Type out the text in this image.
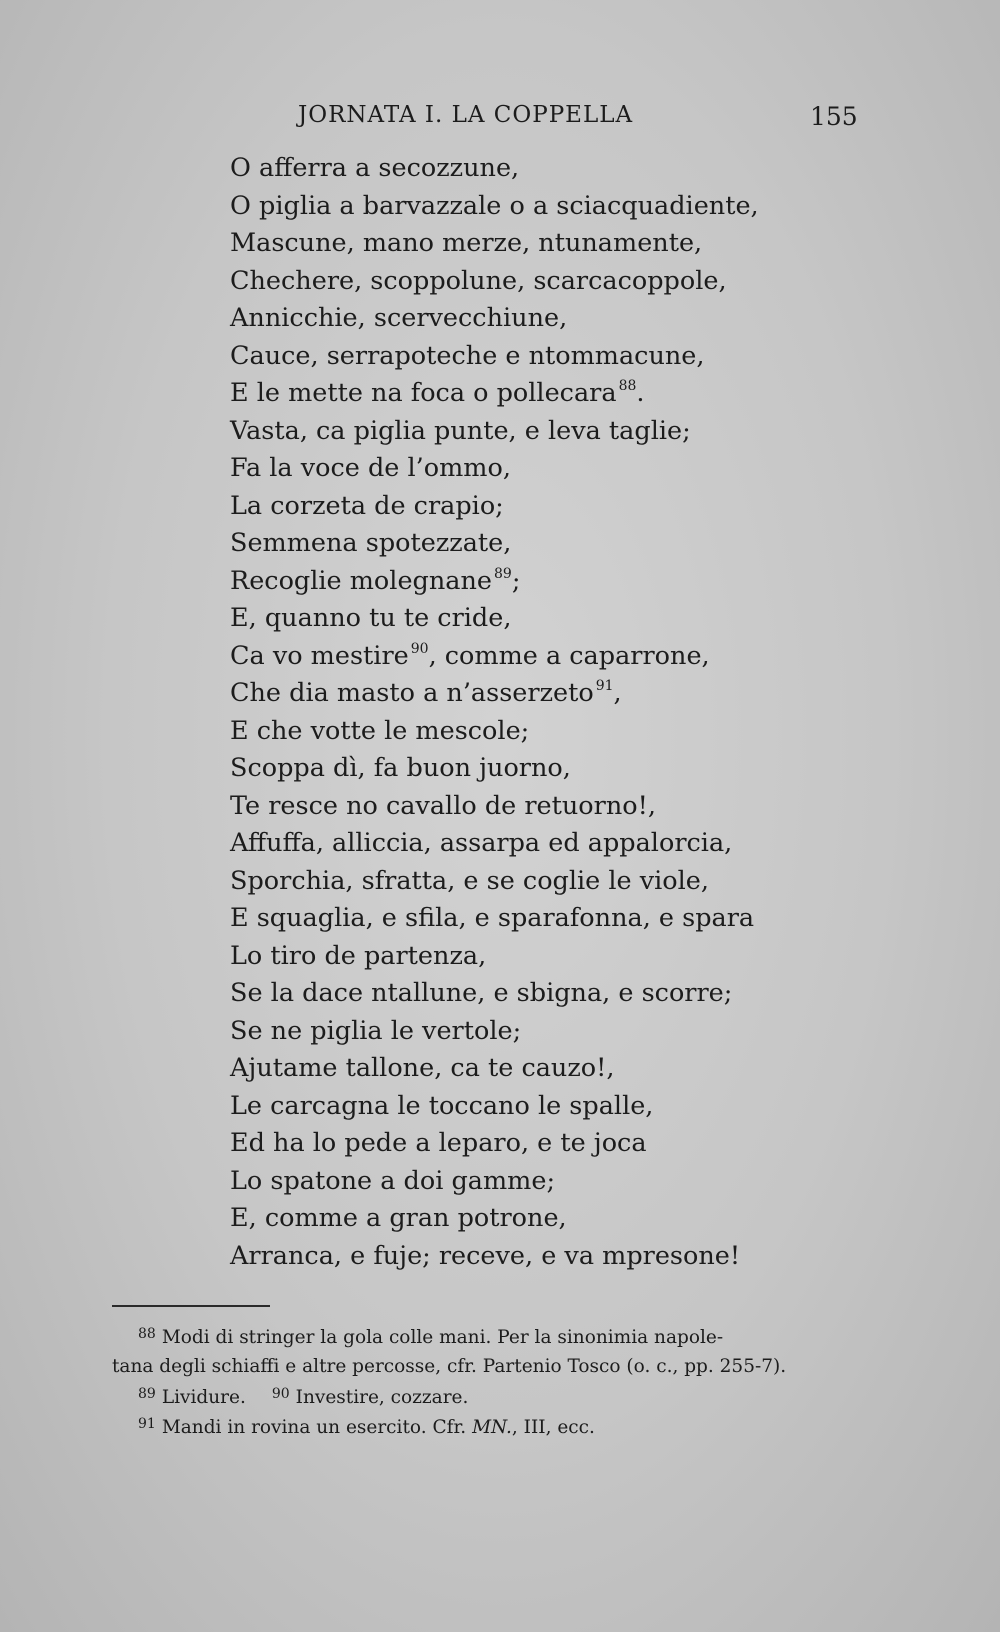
JORNATA I. LA COPPELLA	155
O afferra a secozzune,
O piglia a barvazzale o a sciacquadiente,
Mascune, mano merze, ntunamente,
Chechere, scoppolune, scarcacoppole,
Annicchie, scervecchiune,
Cauce, serrapoteche e ntommacune,
E le mette na foca o pollecara $^{88}$.
Vasta, ca piglia punte, e leva taglie;
Fa la voce de l’ommo,
La corzeta de crapio;
Semmena spotezzate,
Recoglie molegnane $^{89}$;
E, quanno tu te cride,
Ca vo mestire $^{90}$, comme a caparrone,
Che dia masto a n’asserzeto $^{91}$,
E che votte le mescole;
Scoppa dì, fa buon juorno,
Te resce no cavallo de retuorno!,
Affuffa, alliccia, assarpa ed appalorcia,
Sporchia, sfratta, e se coglie le viole,
E squaglia, e sfila, e sparafonna, e spara
Lo tiro de partenza,
Se la dace ntallune, e sbigna, e scorre;
Se ne piglia le vertole;
Ajutame tallone, ca te cauzo!,
Le carcagna le toccano le spalle,
Ed ha lo pede a leparo, e te joca
Lo spatone a doi gamme;
E, comme a gran potrone,
Arranca, e fuje; receve, e va mpresone!
$^{88}$ Modi di stringer la gola colle mani. Per la sinonimia napole-
tana degli schiaffi e altre percosse, cfr. Partenio Tosco (o. c., pp. 255-7).
$^{89}$ Lividure. $^{90}$ Investire, cozzare.
$^{91}$ Mandi in rovina un esercito. Cfr. MN., III, ecc.
